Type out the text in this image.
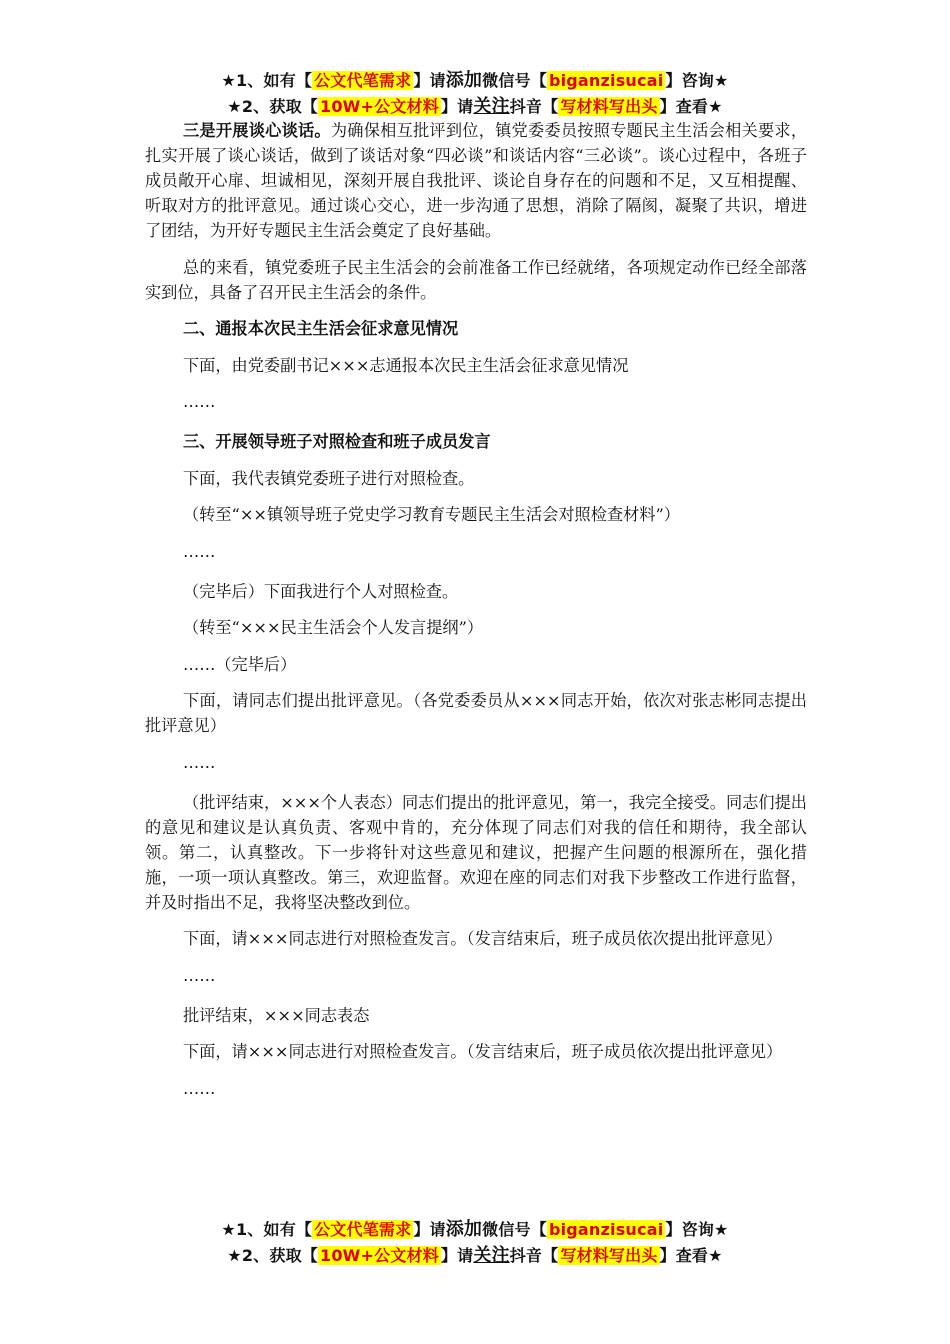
★1、如有【 公文代笔需求 】请添加微信号【 biganzisucai 】咨询★
★2、获取【 10W+公文材料 】请关注抖音【 写材料写出头 】查看★

三是开展谈心谈话。为确保相互批评到位，镇党委委员按照专题民主生活会相关要求，扎实开展了谈心谈话，做到了谈话对象“四必谈”和谈话内容“三必谈”。谈心过程中，各班子成员敞开心扉、坦诚相见，深刻开展自我批评、谈论自身存在的问题和不足，又互相提醒、听取对方的批评意见。通过谈心交心，进一步沟通了思想，消除了隔阂，凝聚了共识，增进了团结，为开好专题民主生活会奠定了良好基础。

总的来看，镇党委班子民主生活会的会前准备工作已经就绪，各项规定动作已经全部落实到位，具备了召开民主生活会的条件。

二、通报本次民主生活会征求意见情况

下面，由党委副书记×××志通报本次民主生活会征求意见情况

……

三、开展领导班子对照检查和班子成员发言

下面，我代表镇党委班子进行对照检查。

（转至“××镇领导班子党史学习教育专题民主生活会对照检查材料”）

……

（完毕后）下面我进行个人对照检查。

（转至“×××民主生活会个人发言提纲”）

……（完毕后）

下面，请同志们提出批评意见。（各党委委员从×××同志开始，依次对张志彬同志提出批评意见）

……

（批评结束，×××个人表态）同志们提出的批评意见，第一，我完全接受。同志们提出的意见和建议是认真负责、客观中肯的，充分体现了同志们对我的信任和期待，我全部认领。第二，认真整改。下一步将针对这些意见和建议，把握产生问题的根源所在，强化措施，一项一项认真整改。第三，欢迎监督。欢迎在座的同志们对我下步整改工作进行监督，并及时指出不足，我将坚决整改到位。

下面，请×××同志进行对照检查发言。（发言结束后，班子成员依次提出批评意见）

……

批评结束，×××同志表态

下面，请×××同志进行对照检查发言。（发言结束后，班子成员依次提出批评意见）

……

★1、如有【 公文代笔需求 】请添加微信号【 biganzisucai 】咨询★
★2、获取【 10W+公文材料 】请关注抖音【 写材料写出头 】查看★
